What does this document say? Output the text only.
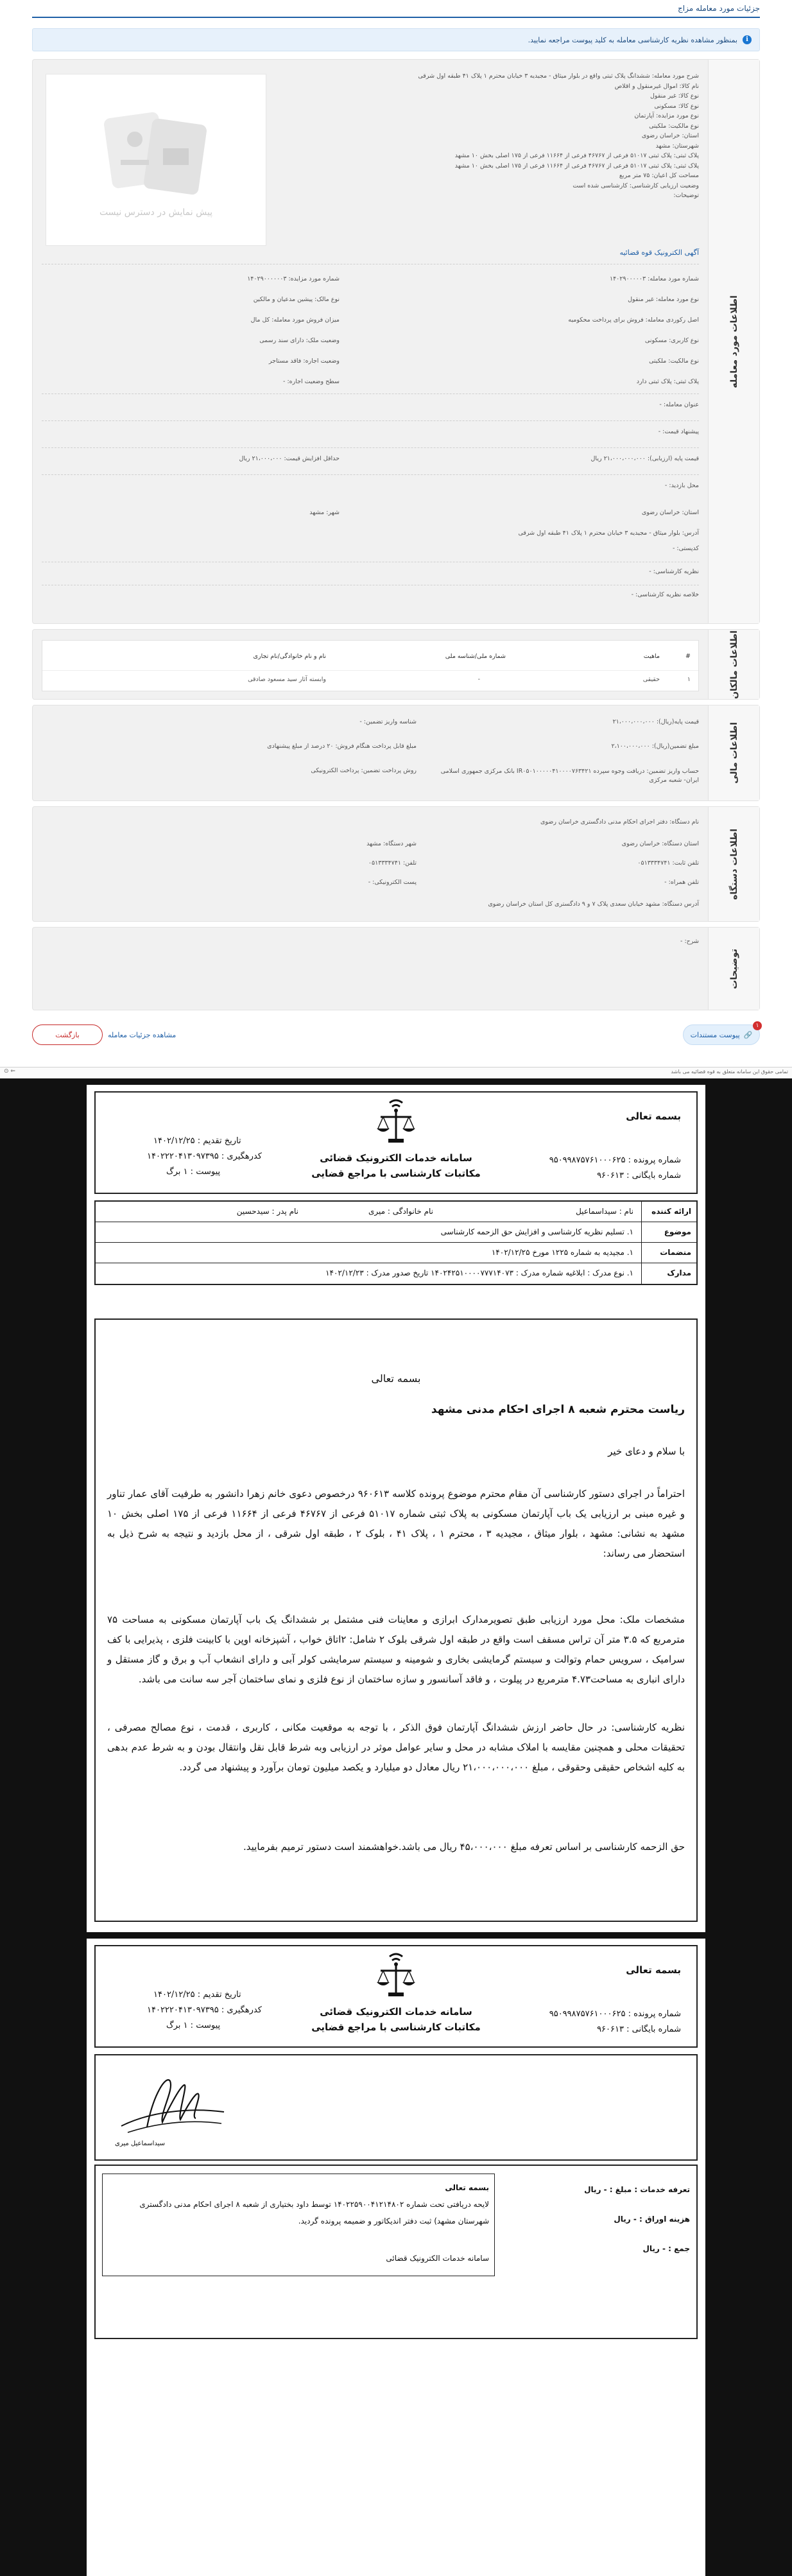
جزئیات مورد معامله مزاج
i
بمنظور مشاهده نظریه کارشناسی معامله به کلید پیوست مراجعه نمایید.
اطلاعات مورد معامله
پیش نمایش در دسترس نیست
شرح مورد معامله: ششدانگ پلاک ثبتی واقع در بلوار میثاق - مجیدیه ۳ خیابان محترم ۱ پلاک ۴۱ طبقه اول شرقی
نام کالا: اموال غیرمنقول و اقلاص
نوع کالا: غیر منقول
نوع کالا: مسکونی
نوع مورد مزایده: آپارتمان
نوع مالکیت: ملکیتی
استان: خراسان رضوی
شهرستان: مشهد
پلاک ثبتی: پلاک ثبتی ۵۱۰۱۷ فرعی از ۴۶۷۶۷ فرعی از ۱۱۶۶۴ فرعی از ۱۷۵ اصلی بخش ۱۰ مشهد
پلاک ثبتی: پلاک ثبتی ۵۱۰۱۷ فرعی از ۴۶۷۶۷ فرعی از ۱۱۶۶۴ فرعی از ۱۷۵ اصلی بخش ۱۰ مشهد
مساحت کل اعیان: ۷۵ متر مربع
وضعیت ارزیابی کارشناسی: کارشناسی شده است
توضیحات:
آگهی الکترونیک قوه قضائیه
شماره مورد معامله: ۱۴۰۲۹۰۰۰۰۰۳
شماره مورد مزایده: ۱۴۰۲۹۰۰۰۰۰۰۳
نوع مورد معامله: غیر منقول
نوع مالک: پیشین مدعیان و مالکین
اصل رکوردی معامله: فروش برای پرداخت محکومیه
میزان فروش مورد معامله: کل مال
نوع کاربری: مسکونی
وضعیت ملک: دارای سند رسمی
نوع مالکیت: ملکیتی
وضعیت اجاره: فاقد مستاجر
پلاک ثبتی: پلاک ثبتی دارد
سطح وضعیت اجاره: -
عنوان معامله: -
پیشنهاد قیمت: -
قیمت پایه (ارزیابی): ۲۱،۰۰۰،۰۰۰،۰۰۰ ریال
حداقل افزایش قیمت: ۲۱،۰۰۰،۰۰۰ ریال
محل بازدید: -
استان: خراسان رضوی
شهر: مشهد
آدرس: بلوار میثاق - مجیدیه ۳ خیابان محترم ۱ پلاک ۴۱ طبقه اول شرقی
کدپستی: -
نظریه کارشناسی: -
خلاصه نظریه کارشناسی: -
اطلاعات مالکان
#
ماهیت
شماره ملی/شناسه ملی
نام و نام خانوادگی/نام تجاری
۱
حقیقی
-
وابسته آثار سید مسعود صادقی
اطلاعات مالی
قیمت پایه(ریال): ۲۱،۰۰۰،۰۰۰،۰۰۰
شناسه واریز تضمین: -
مبلغ تضمین(ریال): ۲،۱۰۰،۰۰۰،۰۰۰
مبلغ قابل پرداخت هنگام فروش: ۲۰ درصد از مبلغ پیشنهادی
حساب واریز تضمین: دریافت وجوه سپرده IR۰۵۰۱۰۰۰۰۰۴۱۰۰۰۰۷۶۳۴۲۱ بانک مرکزی جمهوری اسلامی ایران- شعبه مرکزی
روش پرداخت تضمین: پرداخت الکترونیکی
اطلاعات دستگاه
نام دستگاه: دفتر اجرای احکام مدنی دادگستری خراسان رضوی
استان دستگاه: خراسان رضوی
شهر دستگاه: مشهد
تلفن ثابت: ۰۵۱۳۳۳۴۷۴۱
تلفن: ۰۵۱۳۳۳۴۷۴۱
تلفن همراه: -
پست الکترونیکی: -
آدرس دستگاه: مشهد خیابان سعدی پلاک ۷ و ۹ دادگستری کل استان خراسان رضوی
توضیحات
شرح: -
۱
🔗
پیوست مستندات
مشاهده جزئیات معامله
بازگشت
تمامی حقوق این سامانه متعلق به قوه قضائیه می باشد
⇐ ⊙
بسمه تعالی
شماره پرونده : ۹۵۰۹۹۸۷۵۷۶۱۰۰۰۶۲۵
شماره بایگانی : ۹۶۰۶۱۳
سامانه خدمات الکترونیک قضائی
مکاتبات کارشناسی با مراجع قضایی
تاریخ تقدیم : ۱۴۰۲/۱۲/۲۵
کدرهگیری : ۱۴۰۲۲۲۰۴۱۳۰۹۷۳۹۵
پیوست : ۱ برگ
ارائه کننده
نام : سیداسماعیل
نام خانوادگی : میری
نام پدر : سیدحسین
موضوع
۱. تسلیم نظریه کارشناسی و افزایش حق الزحمه کارشناسی
منضمات
۱. مجیدیه به شماره ۱۲۲۵ مورخ ۱۴۰۲/۱۲/۲۵
مدارک
۱. نوع مدرک : ابلاغیه شماره مدرک : ۱۴۰۲۴۲۵۱۰۰۰۰۷۷۷۱۴۰۷۳ تاریخ صدور مدرک : ۱۴۰۲/۱۲/۲۳
بسمه تعالی
ریاست محترم شعبه ۸ اجرای احکام مدنی مشهد
با سلام و دعای خیر

احتراماً در اجرای دستور کارشناسی آن مقام محترم موضوع پرونده کلاسه ۹۶۰۶۱۳ درخصوص دعوی خانم زهرا دانشور به طرفیت آقای عمار تناور و غیره مبنی بر ارزیابی یک باب آپارتمان مسکونی به پلاک ثبتی شماره ۵۱۰۱۷ فرعی از ۴۶۷۶۷ فرعی از ۱۱۶۶۴ فرعی از ۱۷۵ اصلی بخش ۱۰ مشهد به نشانی: مشهد ، بلوار میثاق ، مجیدیه ۳ ، محترم ۱ ، پلاک ۴۱ ، بلوک ۲ ، طبقه اول شرقی ، از محل بازدید و نتیجه به شرح ذیل به استحضار می رساند:

مشخصات ملک: محل مورد ارزیابی طبق تصویرمدارک ابرازی و معاینات فنی مشتمل بر ششدانگ یک باب آپارتمان مسکونی به مساحت ۷۵ مترمربع که ۳.۵ متر آن تراس مسقف است واقع در طبقه اول شرقی بلوک ۲ شامل: ۲اتاق خواب ، آشپزخانه اوپن با کابینت فلزی ، پذیرایی با کف سرامیک ، سرویس حمام وتوالت و سیستم گرمایشی بخاری و شومینه و سیستم سرمایشی کولر آبی و دارای انشعاب آب و برق و گاز مستقل و دارای انباری به مساحت۴.۷۳ مترمربع در پیلوت ، و فاقد آسانسور و سازه ساختمان از نوع فلزی و نمای ساختمان آجر سه سانت می باشد.

نظریه کارشناسی: در حال حاضر ارزش ششدانگ آپارتمان فوق الذکر ، با توجه به موقعیت مکانی ، کاربری ، قدمت ، نوع مصالح مصرفی ، تحقیقات محلی و همچنین مقایسه با املاک مشابه در محل و سایر عوامل موثر در ارزیابی وبه شرط قابل نقل وانتقال بودن و به شرط عدم بدهی به کلیه اشخاص حقیقی وحقوقی ، مبلغ ۲۱،۰۰۰،۰۰۰،۰۰۰ ریال معادل دو میلیارد و یکصد میلیون تومان برآورد و پیشنهاد می گردد.

حق الزحمه کارشناسی بر اساس تعرفه مبلغ ۴۵،۰۰۰،۰۰۰ ریال می باشد.خواهشمند است دستور ترمیم بفرمایید.
بسمه تعالی
شماره پرونده : ۹۵۰۹۹۸۷۵۷۶۱۰۰۰۶۲۵
شماره بایگانی : ۹۶۰۶۱۳
سامانه خدمات الکترونیک قضائی
مکاتبات کارشناسی با مراجع قضایی
تاریخ تقدیم : ۱۴۰۲/۱۲/۲۵
کدرهگیری : ۱۴۰۲۲۲۰۴۱۳۰۹۷۳۹۵
پیوست : ۱ برگ
سیداسماعیل میری
تعرفه خدمات : مبلغ : - ریال
هزینه اوراق : - ریال
جمع : - ریال
بسمه تعالی
لایحه دریافتی تحت شماره ۱۴۰۲۲۵۹۰۰۴۱۲۱۴۸۰۲ توسط داود بختیاری از شعبه ۸ اجرای احکام مدنی دادگستری شهرستان مشهد) ثبت دفتر اندیکاتور و ضمیمه پرونده گردید.
سامانه خدمات الکترونیک قضائی
